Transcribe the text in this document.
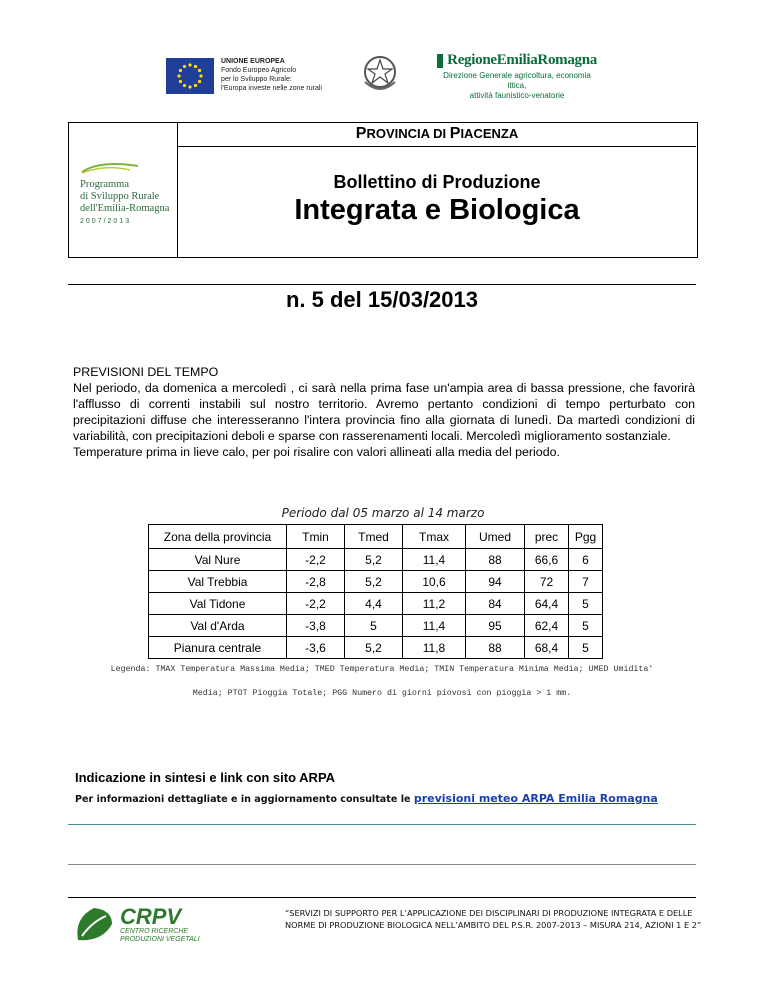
UNIONE EUROPEA
Fondo Europeo Agricolo
per lo Sviluppo Rurale:
l'Europa investe nelle zone rurali
RegioneEmiliaRomagna
Direzione Generale agricoltura, economia ittica,
attività faunistico-venatorie
Programma
di Sviluppo Rurale
dell'Emilia-Romagna
2007/2013
PROVINCIA DI PIACENZA
Bollettino di Produzione
Integrata e Biologica
n. 5 del 15/03/2013

PREVISIONI DEL TEMPO

Nel periodo, da domenica a mercoledì , ci sarà nella prima fase un'ampia area di bassa pressione, che favorirà l'afflusso di correnti instabili sul nostro territorio. Avremo pertanto condizioni di tempo perturbato con precipitazioni diffuse che interesseranno l'intera provincia fino alla giornata di lunedì. Da martedì condizioni di variabilità, con precipitazioni deboli e sparse con rasserenamenti locali. Mercoledì miglioramento sostanziale.

Temperature prima in lieve calo, per poi risalire con valori allineati alla media del periodo.

Periodo dal 05 marzo al 14 marzo
Zona della provincia	Tmin	Tmed	Tmax	Umed	prec	Pgg
Val Nure	-2,2	5,2	11,4	88	66,6	6
Val Trebbia	-2,8	5,2	10,6	94	72	7
Val Tidone	-2,2	4,4	11,2	84	64,4	5
Val d'Arda	-3,8	5	11,4	95	62,4	5
Pianura centrale	-3,6	5,2	11,8	88	68,4	5
Legenda: TMAX Temperatura Massima Media; TMED Temperatura Media; TMIN Temperatura Minima Media; UMED Umidita'
Media; PTOT Pioggia Totale; PGG Numero di giorni piovosi con pioggia > 1 mm.
Indicazione in sintesi e link con sito ARPA
Per informazioni dettagliate e in aggiornamento consultate le previsioni meteo ARPA Emilia Romagna
CRPV
CENTRO RICERCHE
PRODUZIONI VEGETALI
“SERVIZI DI SUPPORTO PER L’APPLICAZIONE DEI DISCIPLINARI DI PRODUZIONE INTEGRATA E DELLE
NORME DI PRODUZIONE BIOLOGICA NELL’AMBITO DEL P.S.R. 2007-2013 – MISURA 214, AZIONI 1 E 2”
